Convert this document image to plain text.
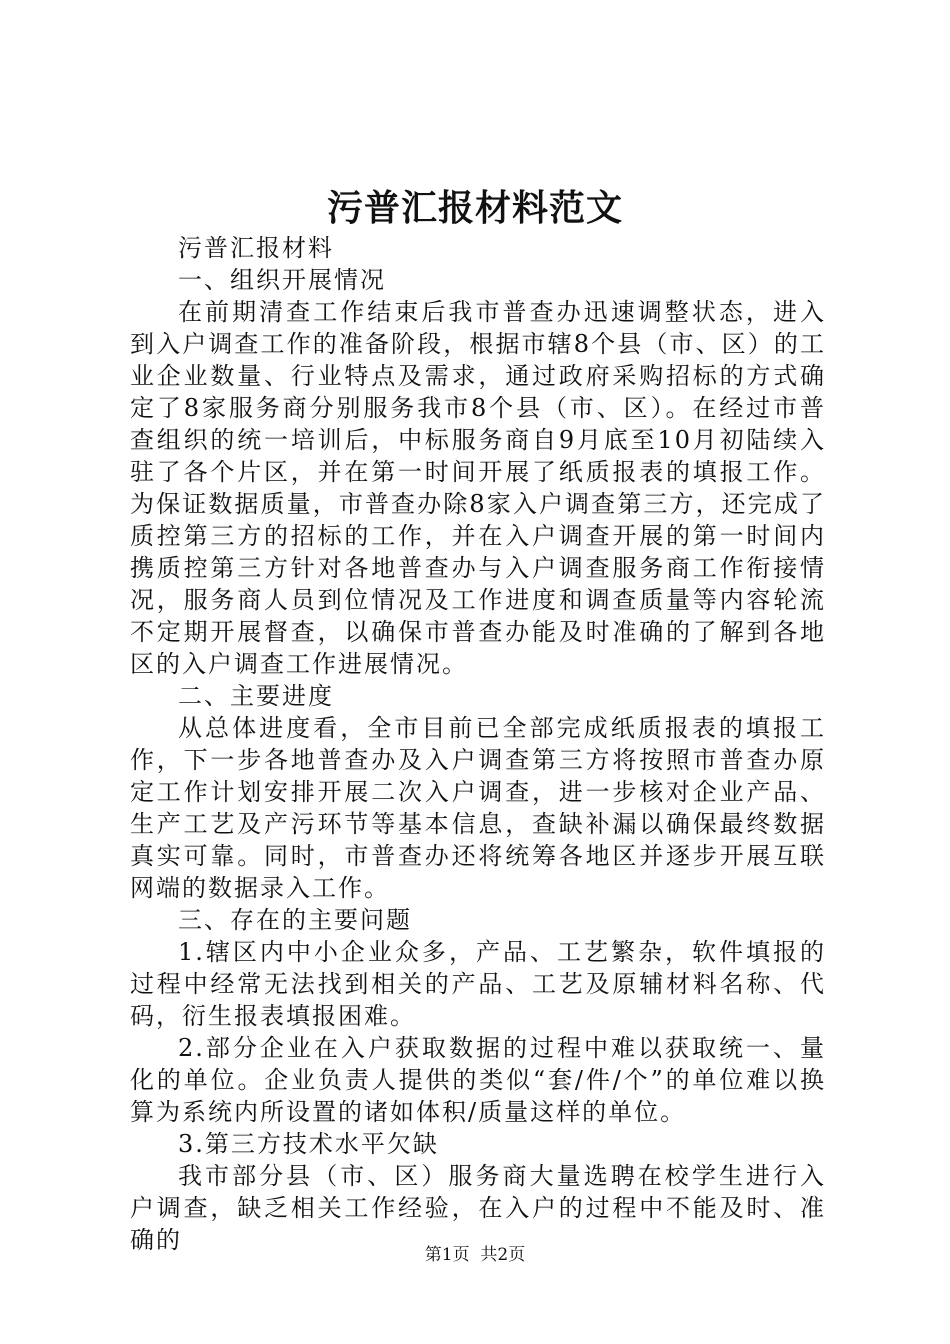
污普汇报材料范文

污普汇报材料

一、组织开展情况

在前期清查工作结束后我市普查办迅速调整状态，进入到入户调查工作的准备阶段，根据市辖8个县（市、区）的工业企业数量、行业特点及需求，通过政府采购招标的方式确定了8家服务商分别服务我市8个县（市、区）。在经过市普查组织的统一培训后，中标服务商自9月底至10月初陆续入驻了各个片区，并在第一时间开展了纸质报表的填报工作。为保证数据质量，市普查办除8家入户调查第三方，还完成了质控第三方的招标的工作，并在入户调查开展的第一时间内携质控第三方针对各地普查办与入户调查服务商工作衔接情况，服务商人员到位情况及工作进度和调查质量等内容轮流不定期开展督查，以确保市普查办能及时准确的了解到各地区的入户调查工作进展情况。

二、主要进度

从总体进度看，全市目前已全部完成纸质报表的填报工作，下一步各地普查办及入户调查第三方将按照市普查办原定工作计划安排开展二次入户调查，进一步核对企业产品、生产工艺及产污环节等基本信息，查缺补漏以确保最终数据真实可靠。同时，市普查办还将统筹各地区并逐步开展互联网端的数据录入工作。

三、存在的主要问题

1.辖区内中小企业众多，产品、工艺繁杂，软件填报的过程中经常无法找到相关的产品、工艺及原辅材料名称、代码，衍生报表填报困难。

2.部分企业在入户获取数据的过程中难以获取统一、量化的单位。企业负责人提供的类似“套/件/个”的单位难以换算为系统内所设置的诸如体积/质量这样的单位。

3.第三方技术水平欠缺

我市部分县（市、区）服务商大量选聘在校学生进行入户调查，缺乏相关工作经验，在入户的过程中不能及时、准确的

第1页 共2页
